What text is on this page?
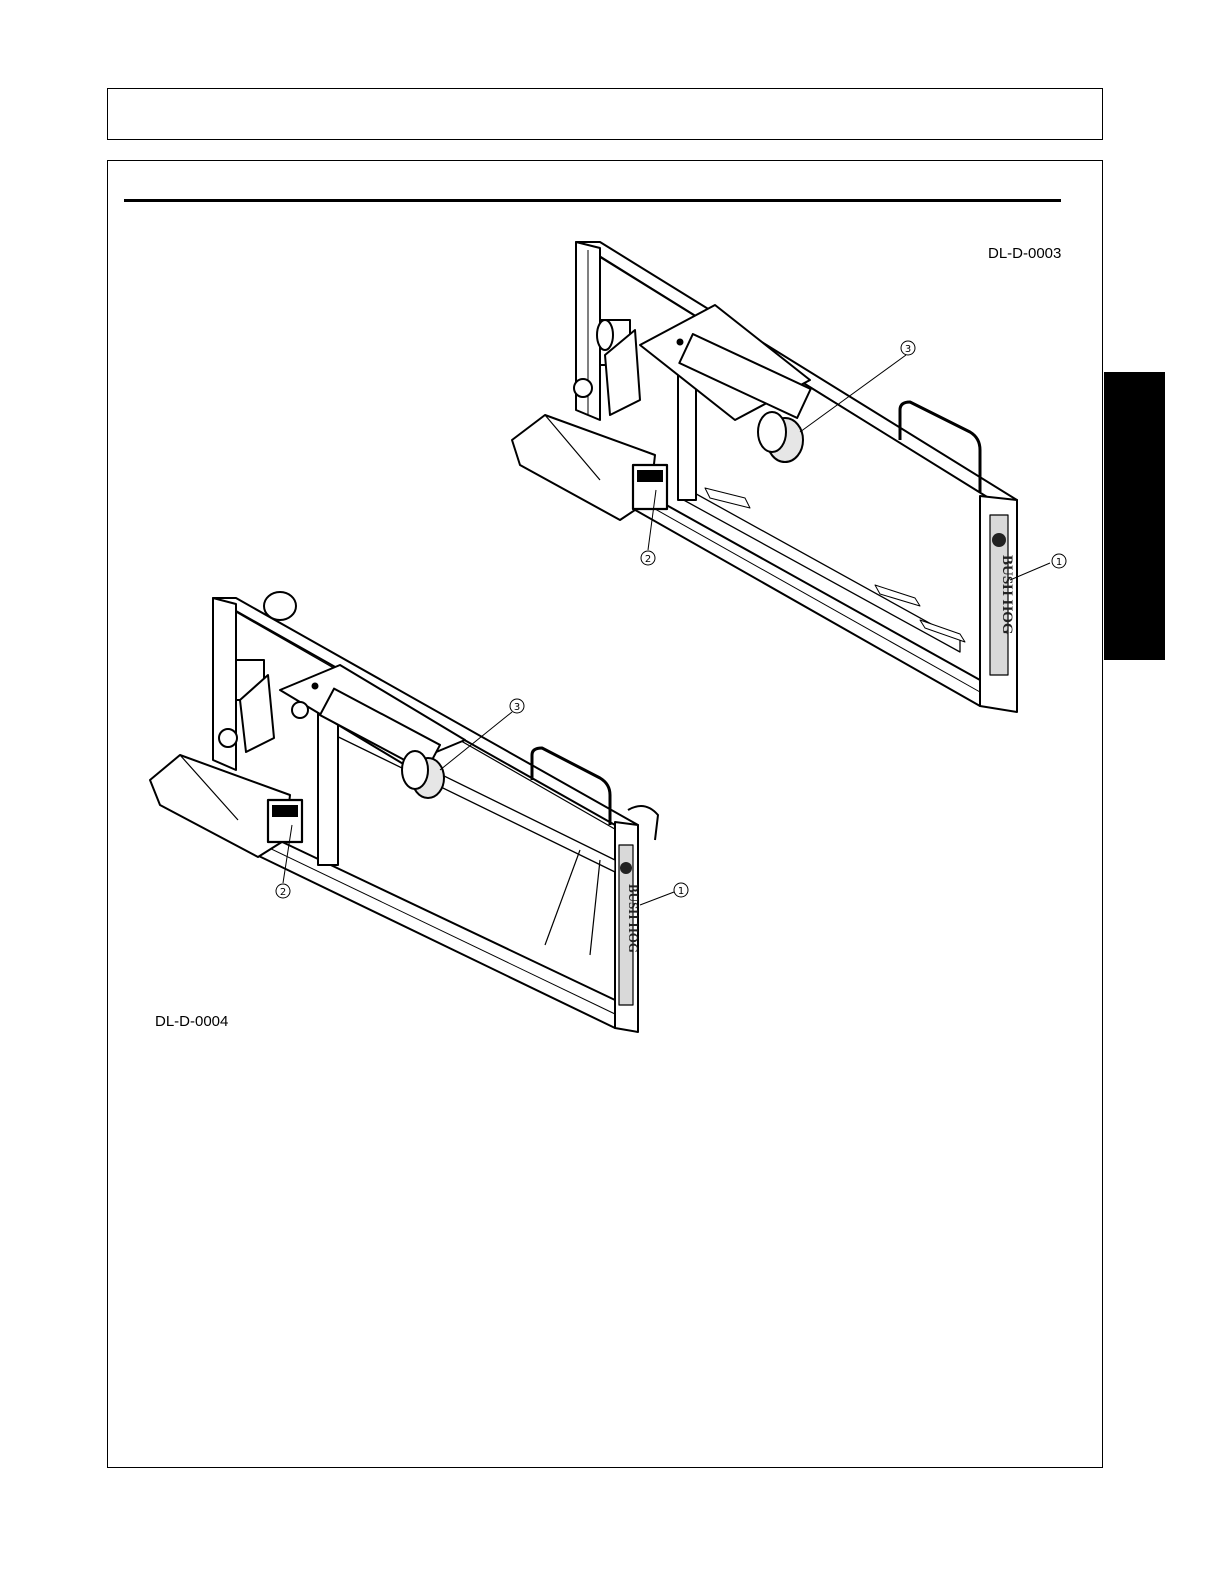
DL-D-0003
DL-D-0004
BUSH HOG
3
2	1
BUSH HOG
3
2	1
